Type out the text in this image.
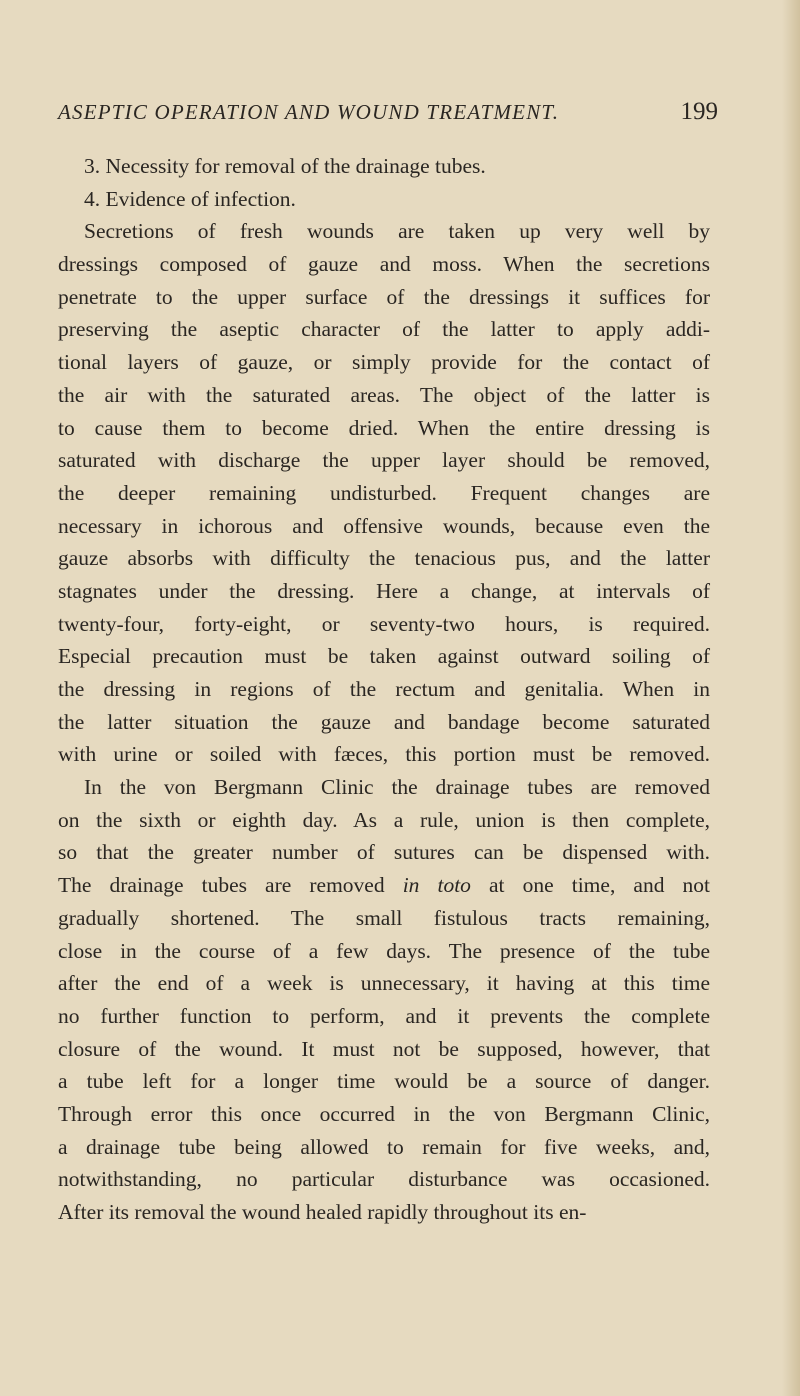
ASEPTIC OPERATION AND WOUND TREATMENT.	199
3. Necessity for removal of the drainage tubes.
4. Evidence of infection.
Secretions of fresh wounds are taken up very well by
dressings composed of gauze and moss. When the secretions
penetrate to the upper surface of the dressings it suffices for
preserving the aseptic character of the latter to apply addi-
tional layers of gauze, or simply provide for the contact of
the air with the saturated areas. The object of the latter is
to cause them to become dried. When the entire dressing is
saturated with discharge the upper layer should be removed,
the deeper remaining undisturbed. Frequent changes are
necessary in ichorous and offensive wounds, because even the
gauze absorbs with difficulty the tenacious pus, and the latter
stagnates under the dressing. Here a change, at intervals of
twenty-four, forty-eight, or seventy-two hours, is required.
Especial precaution must be taken against outward soiling of
the dressing in regions of the rectum and genitalia. When in
the latter situation the gauze and bandage become saturated
with urine or soiled with fæces, this portion must be removed.
In the von Bergmann Clinic the drainage tubes are removed
on the sixth or eighth day. As a rule, union is then complete,
so that the greater number of sutures can be dispensed with.
The drainage tubes are removed in toto at one time, and not
gradually shortened. The small fistulous tracts remaining,
close in the course of a few days. The presence of the tube
after the end of a week is unnecessary, it having at this time
no further function to perform, and it prevents the complete
closure of the wound. It must not be supposed, however, that
a tube left for a longer time would be a source of danger.
Through error this once occurred in the von Bergmann Clinic,
a drainage tube being allowed to remain for five weeks, and,
notwithstanding, no particular disturbance was occasioned.
After its removal the wound healed rapidly throughout its en-
